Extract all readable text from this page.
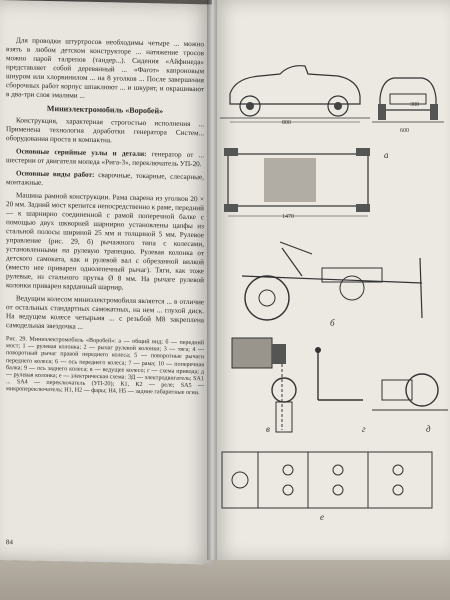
Для проводки штуртросов необходимы четыре ... можно взять в любом детском конструкторе ... натяжение тросов можно парой талрепов (тандер...). Сидения «Айфинеда» представляет собой деревянный ... «Фагот» капроновым шнуром или хлорвинилом ... на 8 уголков ... После завершения сборочных работ корпус шпаклюют ... и шкурят, и окрашивают в два-три слоя эмалями ...

Миниэлектромобиль «Воробей»

Конструкция, характерная строгостью исполнения ... Применена технология доработки генератора Систем... оборудования проста и компактна.

Основные серийные узлы и детали: генератор от ... шестерни от двигателя мопеда «Рига-3», переключатель УП-20.

Основные виды работ: сварочные, токарные, слесарные, монтажные.

Машина рамной конструкции. Рама сварена из уголков 20 × 20 мм. Задний мост крепится непосредственно к раме, передний — к шарнирно соединенной с рамой поперечной балке с помощью двух шкворней шарнирно установлены цапфы из стальной полосы шириной 25 мм и толщиной 5 мм. Рулевое управление (рис. 29, б) рычажного типа с колесами, установленными на рулевую трапецию. Рулевая колонка от детского самоката, как и рулевой вал с обрезанной вилкой (вместо нее приварен однолепечный рычаг). Тяги, как тоже рулевые, из стального прутка Ø 8 мм. На рычаге рулевой колонки приварен карданный шарнир.

Ведущим колесом миниэлектромобиля является ... в отличие от остальных стандартных самокатных, на нем ... глухой диск. На ведущем колесе четырьмя ... с резьбой М8 закреплена самодельная звездочка ...

Рис. 29. Миниэлектромобиль «Воробей»: а — общий вид; б — передний мост; 1 — рулевая колонка; 2 — рычаг рулевой колонки; 3 — тяга; 4 — поворотный рычаг правой переднего колеса; 5 — поворотные рычаги переднего колеса; 6 — ось переднего колеса; 7 — рама; 10 — поперечная балка; 9 — ось заднего колеса; в — ведущее колесо; г — схема привода; д — рулевая колонка; е — электрическая схема: ЭД — электродвигатель; SA1 ... SA4 — переключатель (УП-20); К1, К2 — реле; SA5 — микропереключатель; Н1, Н2 — фары; Н4, Н5 — задние габаритные огни.
84
800
380
600
а
1470
б
в	г	д
е
